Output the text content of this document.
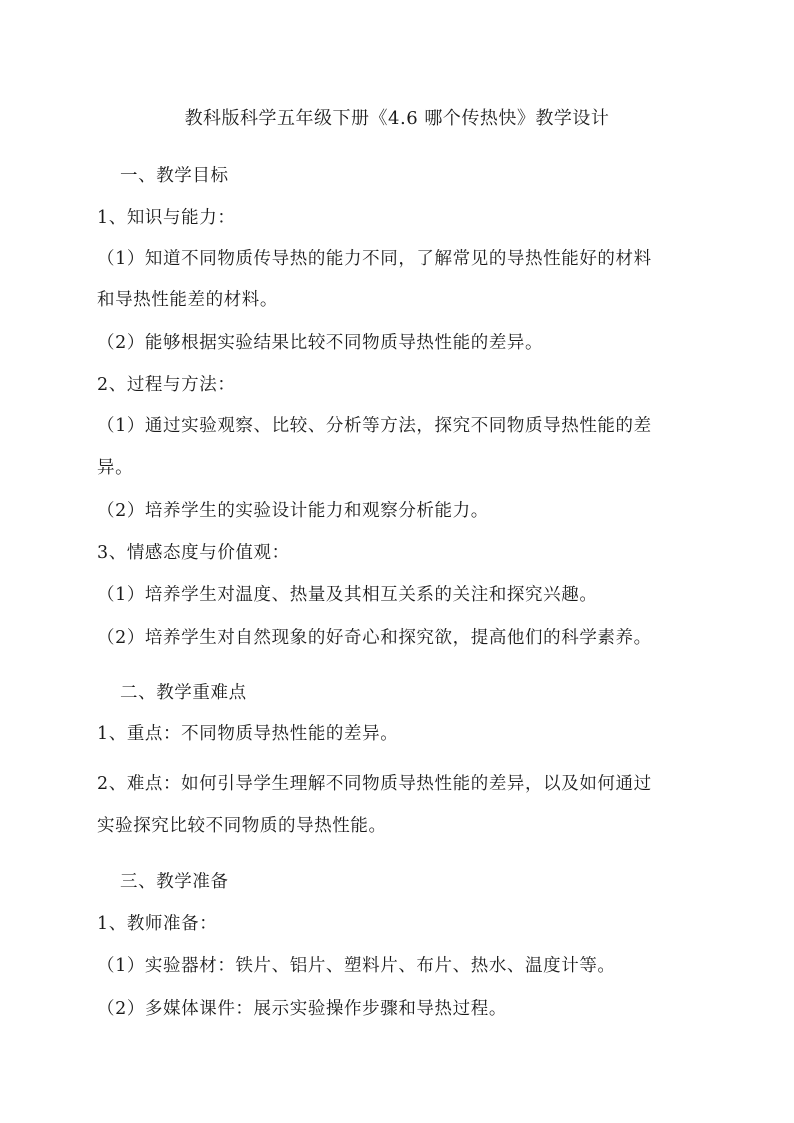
教科版科学五年级下册《4.6 哪个传热快》教学设计
一、教学目标
1、知识与能力：
（1）知道不同物质传导热的能力不同，了解常见的导热性能好的材料
和导热性能差的材料。
（2）能够根据实验结果比较不同物质导热性能的差异。
2、过程与方法：
（1）通过实验观察、比较、分析等方法，探究不同物质导热性能的差
异。
（2）培养学生的实验设计能力和观察分析能力。
3、情感态度与价值观：
（1）培养学生对温度、热量及其相互关系的关注和探究兴趣。
（2）培养学生对自然现象的好奇心和探究欲，提高他们的科学素养。
二、教学重难点
1、重点：不同物质导热性能的差异。
2、难点：如何引导学生理解不同物质导热性能的差异，以及如何通过
实验探究比较不同物质的导热性能。
三、教学准备
1、教师准备：
（1）实验器材：铁片、铝片、塑料片、布片、热水、温度计等。
（2）多媒体课件：展示实验操作步骤和导热过程。
